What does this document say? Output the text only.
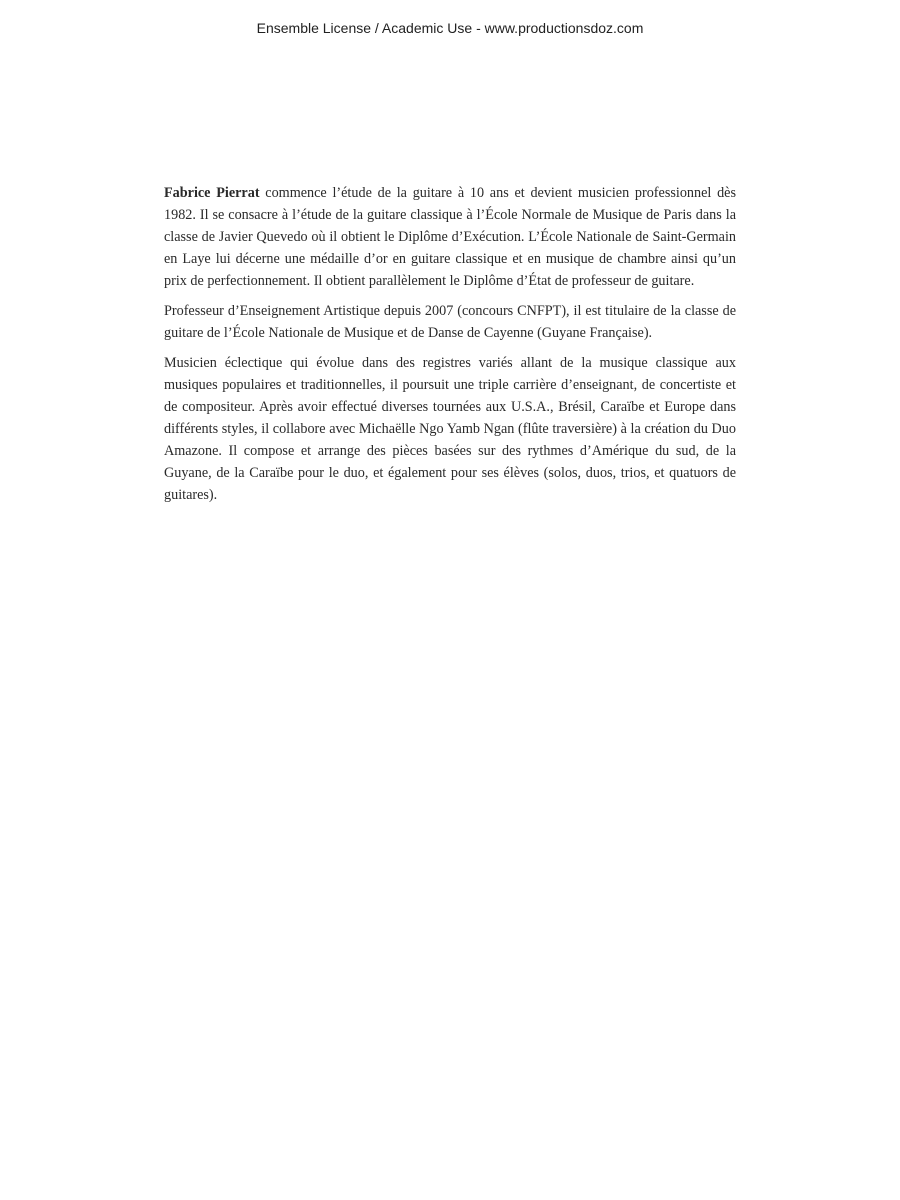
Ensemble License / Academic Use - www.productionsdoz.com

Fabrice Pierrat commence l’étude de la guitare à 10 ans et devient musicien professionnel dès 1982. Il se consacre à l’étude de la guitare classique à l’École Normale de Musique de Paris dans la classe de Javier Quevedo où il obtient le Diplôme d’Exécution. L’École Nationale de Saint-Germain en Laye lui décerne une médaille d’or en guitare classique et en musique de chambre ainsi qu’un prix de perfectionnement. Il obtient parallèlement le Diplôme d’État de professeur de guitare.

Professeur d’Enseignement Artistique depuis 2007 (concours CNFPT), il est titulaire de la classe de guitare de l’École Nationale de Musique et de Danse de Cayenne (Guyane Française).

Musicien éclectique qui évolue dans des registres variés allant de la musique classique aux musiques populaires et traditionnelles, il poursuit une triple carrière d’enseignant, de concertiste et de compositeur. Après avoir effectué diverses tournées aux U.S.A., Brésil, Caraïbe et Europe dans différents styles, il collabore avec Michaëlle Ngo Yamb Ngan (flûte traversière) à la création du Duo Amazone. Il compose et arrange des pièces basées sur des rythmes d’Amérique du sud, de la Guyane, de la Caraïbe pour le duo, et également pour ses élèves (solos, duos, trios, et quatuors de guitares).
